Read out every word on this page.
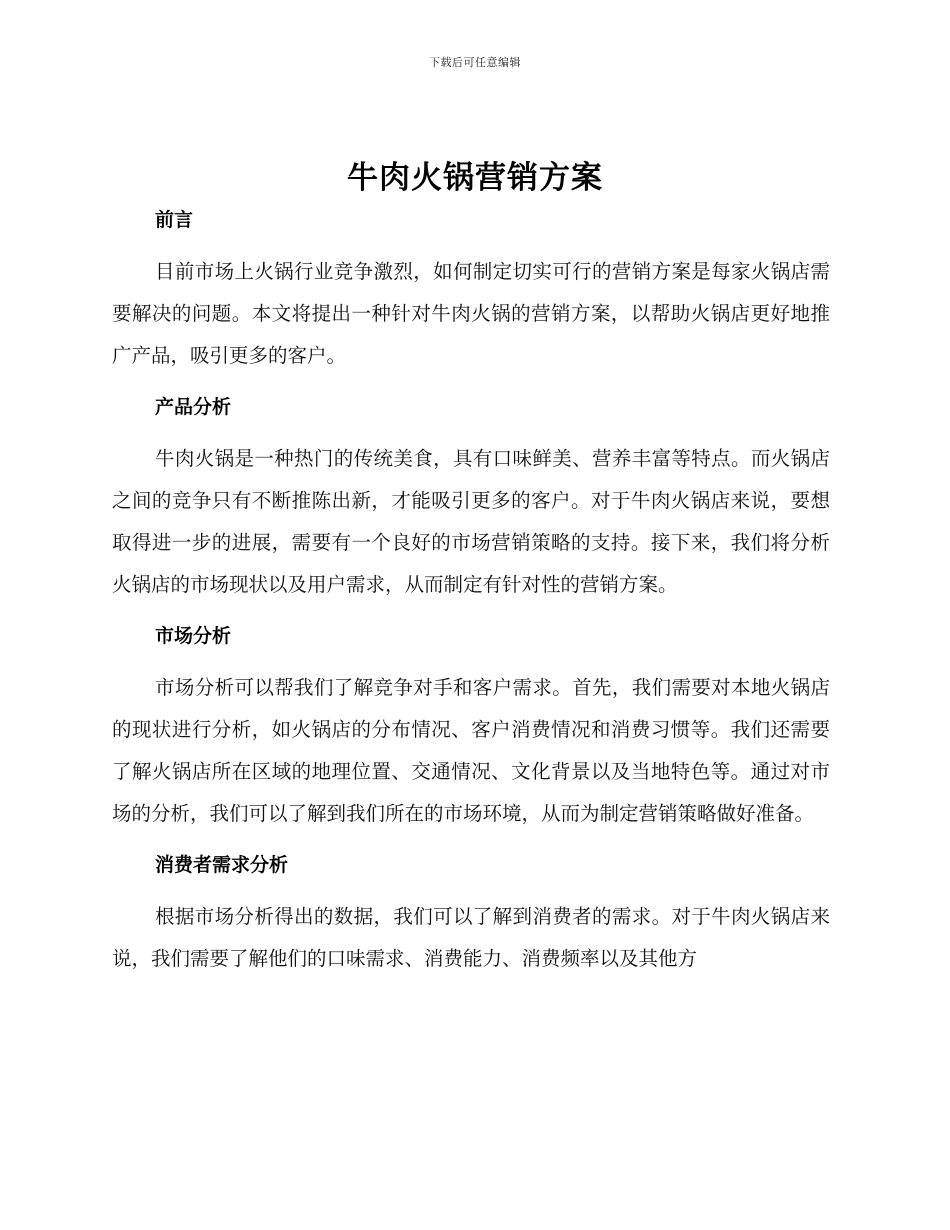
下载后可任意编辑
牛肉火锅营销方案
前言

目前市场上火锅行业竞争激烈，如何制定切实可行的营销方案是每家火锅店需要解决的问题。本文将提出一种针对牛肉火锅的营销方案，以帮助火锅店更好地推广产品，吸引更多的客户。

产品分析

牛肉火锅是一种热门的传统美食，具有口味鲜美、营养丰富等特点。而火锅店之间的竞争只有不断推陈出新，才能吸引更多的客户。对于牛肉火锅店来说，要想取得进一步的进展，需要有一个良好的市场营销策略的支持。接下来，我们将分析火锅店的市场现状以及用户需求，从而制定有针对性的营销方案。

市场分析

市场分析可以帮我们了解竞争对手和客户需求。首先，我们需要对本地火锅店的现状进行分析，如火锅店的分布情况、客户消费情况和消费习惯等。我们还需要了解火锅店所在区域的地理位置、交通情况、文化背景以及当地特色等。通过对市场的分析，我们可以了解到我们所在的市场环境，从而为制定营销策略做好准备。

消费者需求分析

根据市场分析得出的数据，我们可以了解到消费者的需求。对于牛肉火锅店来说，我们需要了解他们的口味需求、消费能力、消费频率以及其他方
